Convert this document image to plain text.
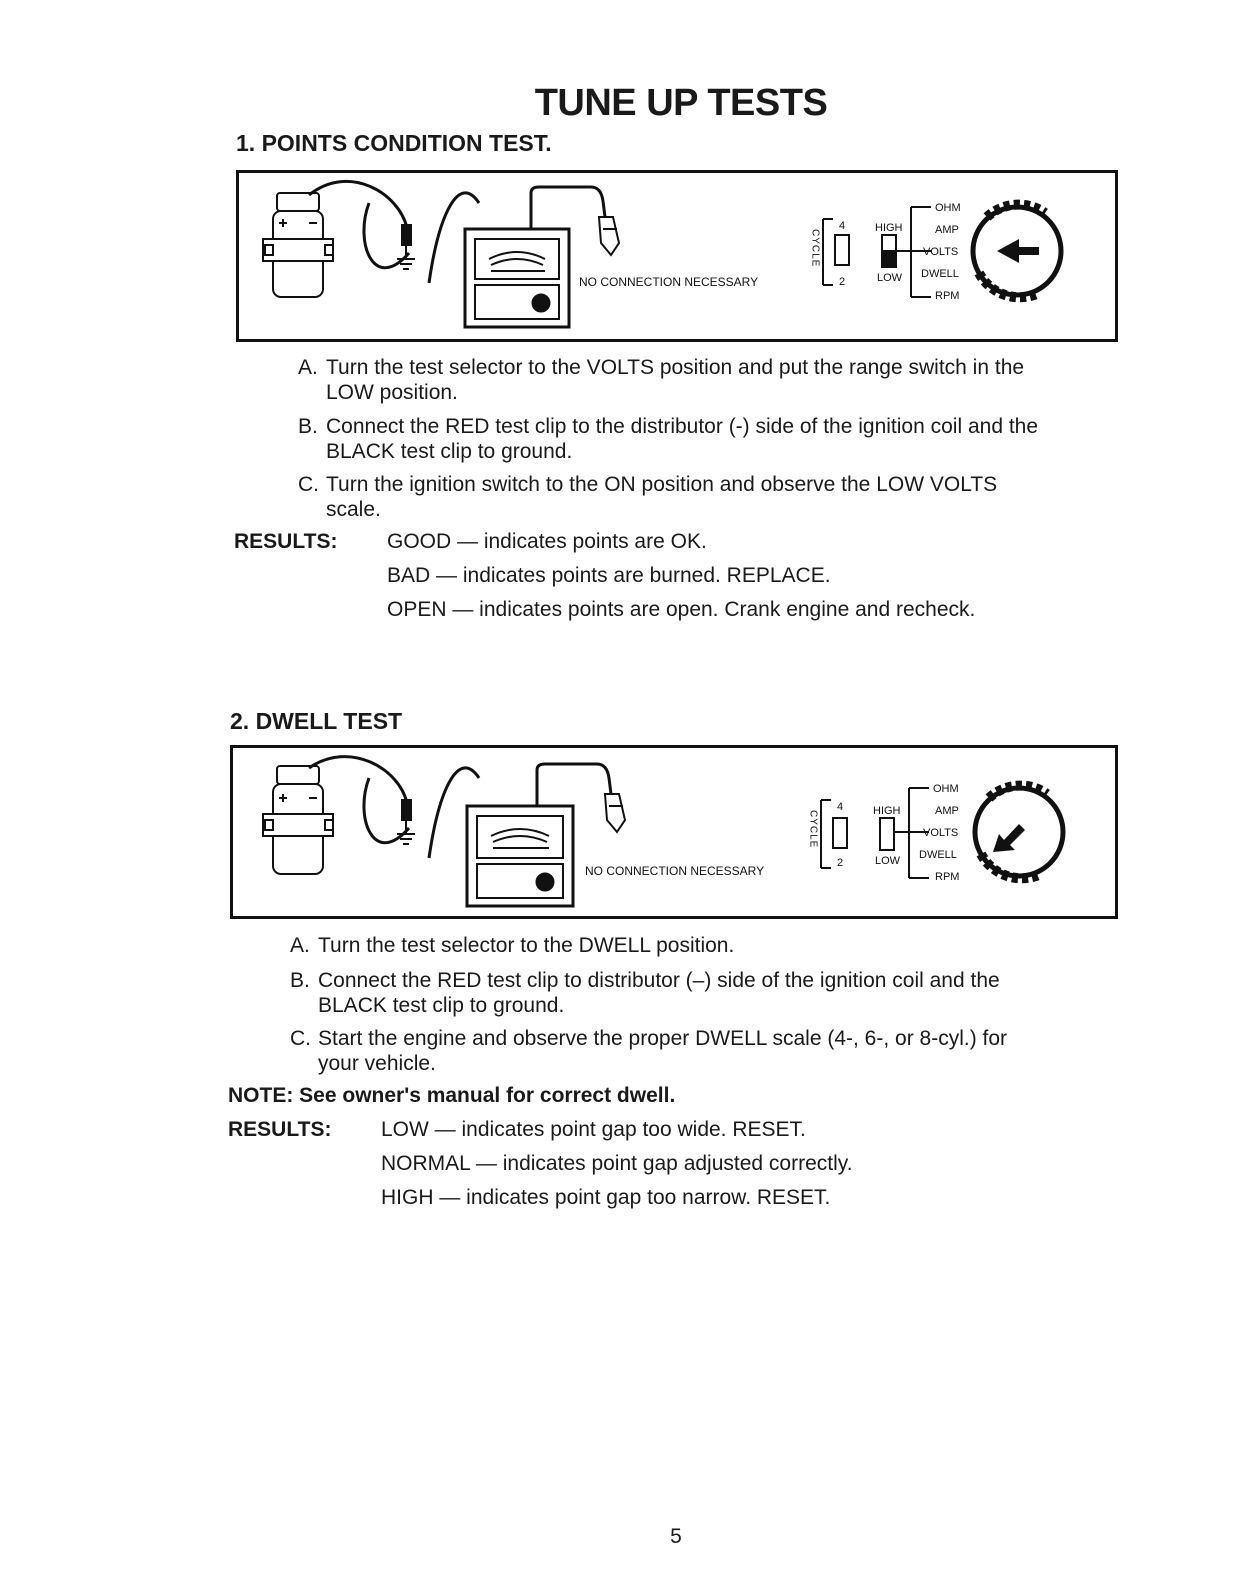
TUNE UP TESTS
1. POINTS CONDITION TEST.
NO CONNECTION NECESSARY
4
2
CYCLE
HIGH
LOW
OHM
AMP
VOLTS
DWELL
RPM
A. Turn the test selector to the VOLTS position and put the range switch in the
LOW position.
B. Connect the RED test clip to the distributor (-) side of the ignition coil and the
BLACK test clip to ground.
C. Turn the ignition switch to the ON position and observe the LOW VOLTS
scale.
RESULTS: GOOD — indicates points are OK.
BAD — indicates points are burned. REPLACE.
OPEN — indicates points are open. Crank engine and recheck.
2. DWELL TEST
NO CONNECTION NECESSARY
4
2
CYCLE	HIGH
LOW
OHM
AMP
VOLTS
DWELL
RPM
A. Turn the test selector to the DWELL position.
B. Connect the RED test clip to distributor (–) side of the ignition coil and the
BLACK test clip to ground.
C. Start the engine and observe the proper DWELL scale (4-, 6-, or 8-cyl.) for
your vehicle.
NOTE: See owner's manual for correct dwell.
RESULTS: LOW — indicates point gap too wide. RESET.
NORMAL — indicates point gap adjusted correctly.
HIGH — indicates point gap too narrow. RESET.
5
